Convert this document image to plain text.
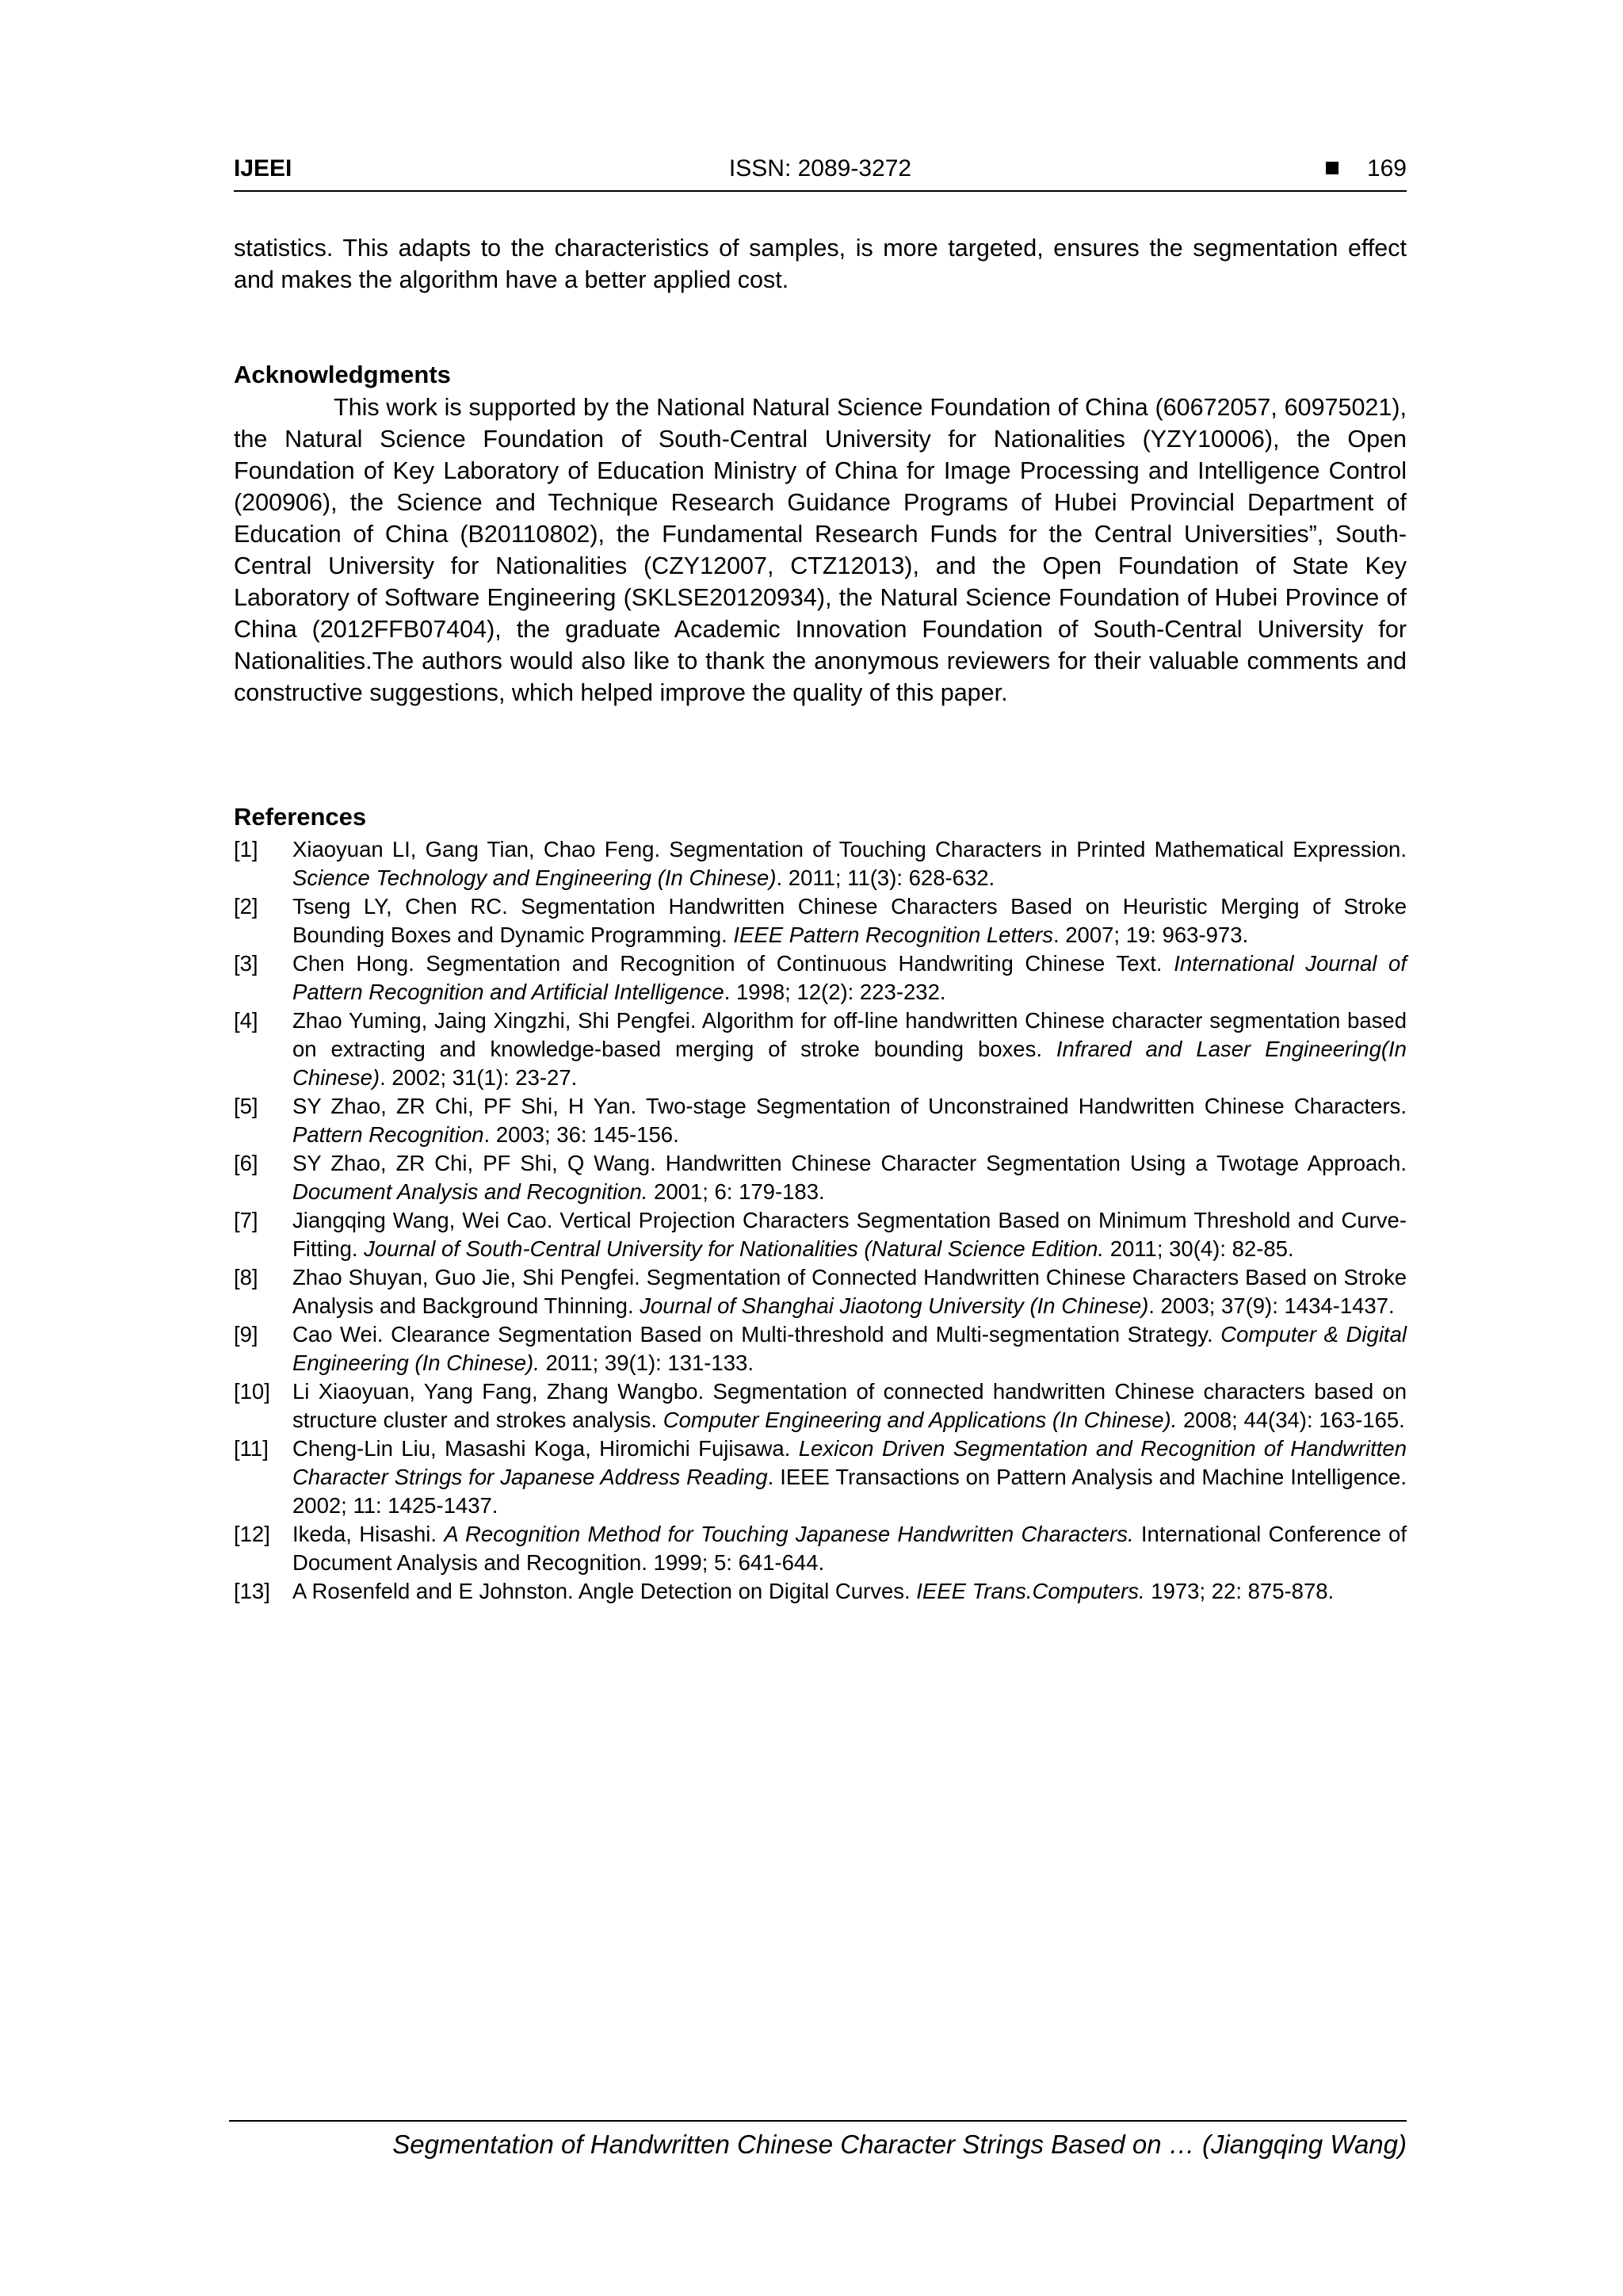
IJEEI	ISSN: 2089-3272	169
statistics. This adapts to the characteristics of samples, is more targeted, ensures the segmentation effect and makes the algorithm have a better applied cost.
Acknowledgments
This work is supported by the National Natural Science Foundation of China (60672057, 60975021), the Natural Science Foundation of South-Central University for Nationalities (YZY10006), the Open Foundation of Key Laboratory of Education Ministry of China for Image Processing and Intelligence Control (200906), the Science and Technique Research Guidance Programs of Hubei Provincial Department of Education of China (B20110802), the Fundamental Research Funds for the Central Universities”, South-Central University for Nationalities (CZY12007, CTZ12013), and the Open Foundation of State Key Laboratory of Software Engineering (SKLSE20120934), the Natural Science Foundation of Hubei Province of China (2012FFB07404), the graduate Academic Innovation Foundation of South-Central University for Nationalities.The authors would also like to thank the anonymous reviewers for their valuable comments and constructive suggestions, which helped improve the quality of this paper.
References
[1] Xiaoyuan LI, Gang Tian, Chao Feng. Segmentation of Touching Characters in Printed Mathematical Expression. Science Technology and Engineering (In Chinese). 2011; 11(3): 628-632.
[2] Tseng LY, Chen RC. Segmentation Handwritten Chinese Characters Based on Heuristic Merging of Stroke Bounding Boxes and Dynamic Programming. IEEE Pattern Recognition Letters. 2007; 19: 963-973.
[3] Chen Hong. Segmentation and Recognition of Continuous Handwriting Chinese Text. International Journal of Pattern Recognition and Artificial Intelligence. 1998; 12(2): 223-232.
[4] Zhao Yuming, Jaing Xingzhi, Shi Pengfei. Algorithm for off-line handwritten Chinese character segmentation based on extracting and knowledge-based merging of stroke bounding boxes. Infrared and Laser Engineering(In Chinese). 2002; 31(1): 23-27.
[5] SY Zhao, ZR Chi, PF Shi, H Yan. Two-stage Segmentation of Unconstrained Handwritten Chinese Characters. Pattern Recognition. 2003; 36: 145-156.
[6] SY Zhao, ZR Chi, PF Shi, Q Wang. Handwritten Chinese Character Segmentation Using a Twotage Approach. Document Analysis and Recognition. 2001; 6: 179-183.
[7] Jiangqing Wang, Wei Cao. Vertical Projection Characters Segmentation Based on Minimum Threshold and Curve-Fitting. Journal of South-Central University for Nationalities (Natural Science Edition. 2011; 30(4): 82-85.
[8] Zhao Shuyan, Guo Jie, Shi Pengfei. Segmentation of Connected Handwritten Chinese Characters Based on Stroke Analysis and Background Thinning. Journal of Shanghai Jiaotong University (In Chinese). 2003; 37(9): 1434-1437.
[9] Cao Wei. Clearance Segmentation Based on Multi-threshold and Multi-segmentation Strategy. Computer & Digital Engineering (In Chinese). 2011; 39(1): 131-133.
[10] Li Xiaoyuan, Yang Fang, Zhang Wangbo. Segmentation of connected handwritten Chinese characters based on structure cluster and strokes analysis. Computer Engineering and Applications (In Chinese). 2008; 44(34): 163-165.
[11] Cheng-Lin Liu, Masashi Koga, Hiromichi Fujisawa. Lexicon Driven Segmentation and Recognition of Handwritten Character Strings for Japanese Address Reading. IEEE Transactions on Pattern Analysis and Machine Intelligence. 2002; 11: 1425-1437.
[12] Ikeda, Hisashi. A Recognition Method for Touching Japanese Handwritten Characters. International Conference of Document Analysis and Recognition. 1999; 5: 641-644.
[13] A Rosenfeld and E Johnston. Angle Detection on Digital Curves. IEEE Trans.Computers. 1973; 22: 875-878.
Segmentation of Handwritten Chinese Character Strings Based on … (Jiangqing Wang)
